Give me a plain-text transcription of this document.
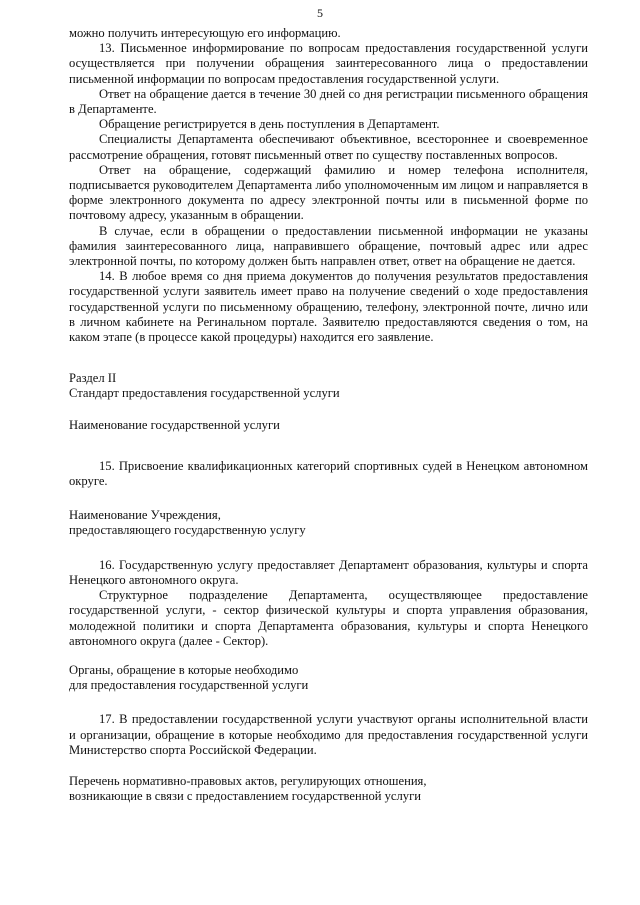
5

можно получить интересующую его информацию.

13. Письменное информирование по вопросам предоставления государственной услуги осуществляется при получении обращения заинтересованного лица о предоставлении письменной информации по вопросам предоставления государственной услуги.

Ответ на обращение дается в течение 30 дней со дня регистрации письменного обращения в Департаменте.

Обращение регистрируется в день поступления в Департамент.

Специалисты Департамента обеспечивают объективное, всестороннее и своевременное рассмотрение обращения, готовят письменный ответ по существу поставленных вопросов.

Ответ на обращение, содержащий фамилию и номер телефона исполнителя, подписывается руководителем Департамента либо уполномоченным им лицом и направляется в форме электронного документа по адресу электронной почты или в письменной форме по почтовому адресу, указанным в обращении.

В случае, если в обращении о предоставлении письменной информации не указаны фамилия заинтересованного лица, направившего обращение, почтовый адрес или адрес электронной почты, по которому должен быть направлен ответ, ответ на обращение не дается.

14. В любое время со дня приема документов до получения результатов предоставления государственной услуги заявитель имеет право на получение сведений о ходе предоставления государственной услуги по письменному обращению, телефону, электронной почте, лично или в личном кабинете на Регинальном портале. Заявителю предоставляются сведения о том, на каком этапе (в процессе какой процедуры) находится его заявление.

Раздел II

Стандарт предоставления государственной услуги

Наименование государственной услуги

15. Присвоение квалификационных категорий спортивных судей в Ненецком автономном округе.

Наименование Учреждения,

предоставляющего государственную услугу

16. Государственную услугу предоставляет Департамент образования, культуры и спорта Ненецкого автономного округа.

Структурное подразделение Департамента, осуществляющее предоставление государственной услуги, - сектор физической культуры и спорта управления образования, молодежной политики и спорта Департамента образования, культуры и спорта Ненецкого автономного округа (далее - Сектор).

Органы, обращение в которые необходимо

для предоставления государственной услуги

17. В предоставлении государственной услуги участвуют органы исполнительной власти и организации, обращение в которые необходимо для предоставления государственной услуги Министерство спорта Российской Федерации.

Перечень нормативно-правовых актов, регулирующих отношения,

возникающие в связи с предоставлением государственной услуги
